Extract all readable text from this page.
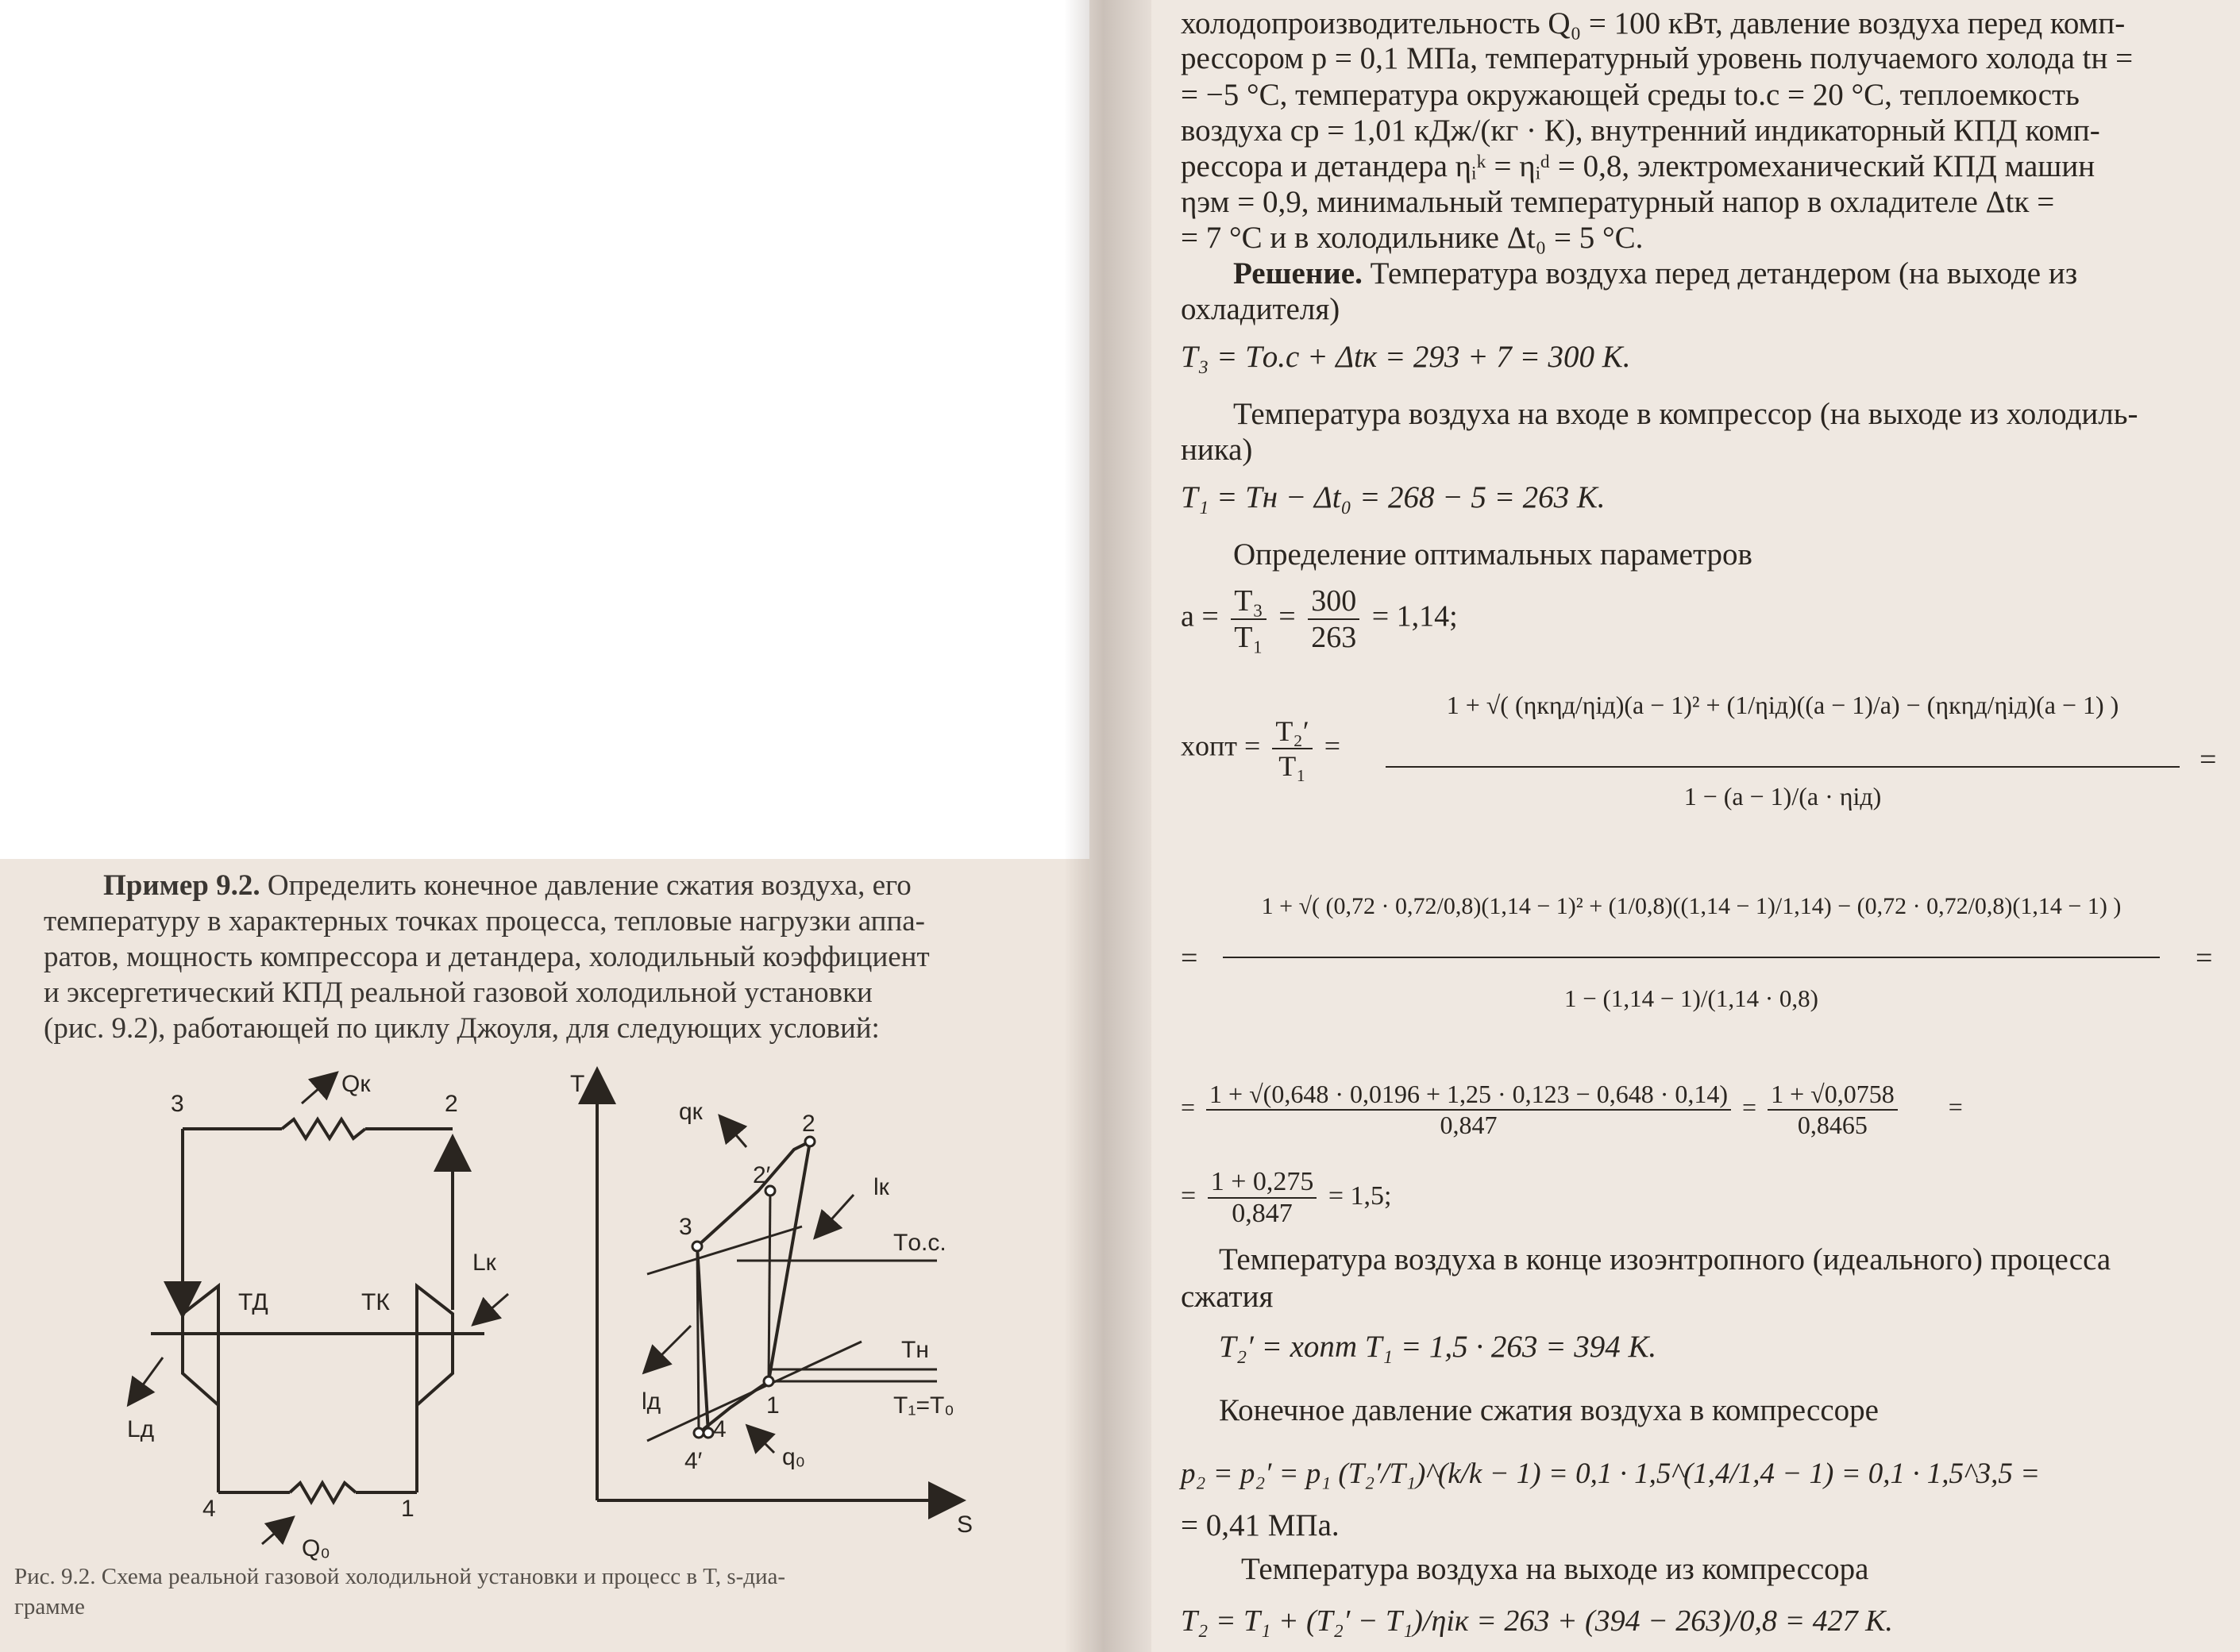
холодопроизводительность Q₀ = 100 кВт, давление воздуха перед комп-
рессором p = 0,1 МПа, температурный уровень получаемого холода tн =
= −5 °С, температура окружающей среды tо.с = 20 °С, теплоемкость
воздуха cp = 1,01 кДж/(кг · К), внутренний индикаторный КПД комп-
рессора и детандера ηᵢᵏ = ηᵢᵈ = 0,8, электромеханический КПД машин
ηэм = 0,9, минимальный температурный напор в охладителе Δtк =
= 7 °С и в холодильнике Δt₀ = 5 °С.
Решение. Температура воздуха перед детандером (на выходе из
охладителя)
T₃ = Tо.с + Δtк = 293 + 7 = 300 К.
Температура воздуха на входе в компрессор (на выходе из холодиль-
ника)
T₁ = Tн − Δt₀ = 268 − 5 = 263 К.
Определение оптимальных параметров
$a = \frac{\text{T₃}}{\text{T₁}} = \frac{300}{263} = 1,14$;
xопт = $\frac{\text{T₂′}}{\text{T₁}}$ =
1 + √( (ηкηд/ηiд)(a − 1)² + (1/ηiд)((a − 1)/a) − (ηкηд/ηiд)(a − 1) )
1 − (a − 1)/(a · ηiд)
=
=
1 + √( (0,72 · 0,72/0,8)(1,14 − 1)² + (1/0,8)((1,14 − 1)/1,14) − (0,72 · 0,72/0,8)(1,14 − 1) )
1 − (1,14 − 1)/(1,14 · 0,8)
=
= $\frac{1 + √(0,648 \cdot 0,0196 + 1,25 \cdot 0,123 - 0,648 \cdot 0,14)}{0,847} = \frac{1 + √0,0758}{0,8465}$ =
= $\frac{1 + 0,275}{0,847} = 1,5$;
Температура воздуха в конце изоэнтропного (идеального) процесса
сжатия
T₂′ = xопт T₁ = 1,5 · 263 = 394 К.
Конечное давление сжатия воздуха в компрессоре
p₂ = p₂′ = p₁ (T₂′/T₁)^(k/k − 1) = 0,1 · 1,5^(1,4/1,4 − 1) = 0,1 · 1,5^3,5 =
= 0,41 МПа.
Температура воздуха на выходе из компрессора
T₂ = T₁ + (T₂′ − T₁)/ηiк = 263 + (394 − 263)/0,8 = 427 К.
Пример 9.2. Определить конечное давление сжатия воздуха, его
температуру в характерных точках процесса, тепловые нагрузки аппа-
ратов, мощность компрессора и детандера, холодильный коэффициент
и эксергетический КПД реальной газовой холодильной установки
(рис. 9.2), работающей по циклу Джоуля, для следующих условий:
3	2
4	1
Qк
Q₀
ТД	ТК
Lк
Lд
T
S
qк
lк
Tо.с.
Tн
T₁=T₀
lд
q₀
3
2′
2
1
4
4′
Рис. 9.2. Схема реальной газовой холодильной установки и процесс в T, s-диа-
грамме
